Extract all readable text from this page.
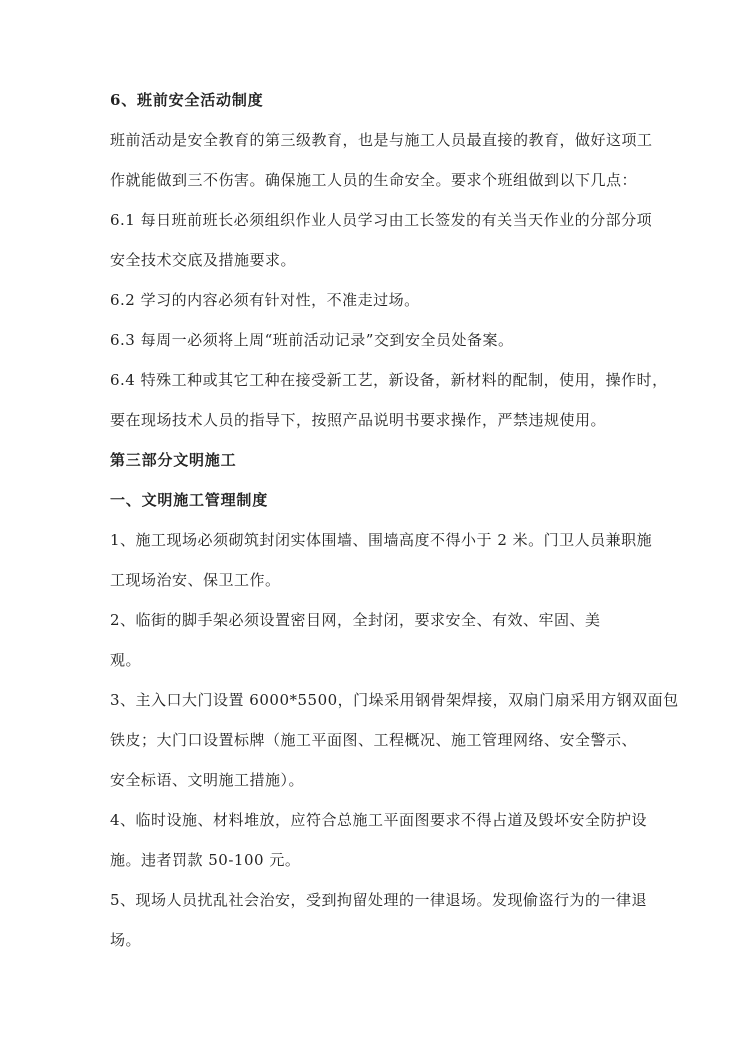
6、班前安全活动制度
班前活动是安全教育的第三级教育，也是与施工人员最直接的教育，做好这项工
作就能做到三不伤害。确保施工人员的生命安全。要求个班组做到以下几点：
6.1 每日班前班长必须组织作业人员学习由工长签发的有关当天作业的分部分项
安全技术交底及措施要求。
6.2 学习的内容必须有针对性，不准走过场。
6.3 每周一必须将上周“班前活动记录”交到安全员处备案。
6.4 特殊工种或其它工种在接受新工艺，新设备，新材料的配制，使用，操作时，
要在现场技术人员的指导下，按照产品说明书要求操作，严禁违规使用。
第三部分文明施工
一、文明施工管理制度
1、施工现场必须砌筑封闭实体围墙、围墙高度不得小于 2 米。门卫人员兼职施
工现场治安、保卫工作。
2、临街的脚手架必须设置密目网，全封闭，要求安全、有效、牢固、美
观。
3、主入口大门设置 6000*5500，门垛采用钢骨架焊接，双扇门扇采用方钢双面包
铁皮；大门口设置标牌（施工平面图、工程概况、施工管理网络、安全警示、
安全标语、文明施工措施）。
4、临时设施、材料堆放，应符合总施工平面图要求不得占道及毁坏安全防护设
施。违者罚款 50-100 元。
5、现场人员扰乱社会治安，受到拘留处理的一律退场。发现偷盗行为的一律退
场。
